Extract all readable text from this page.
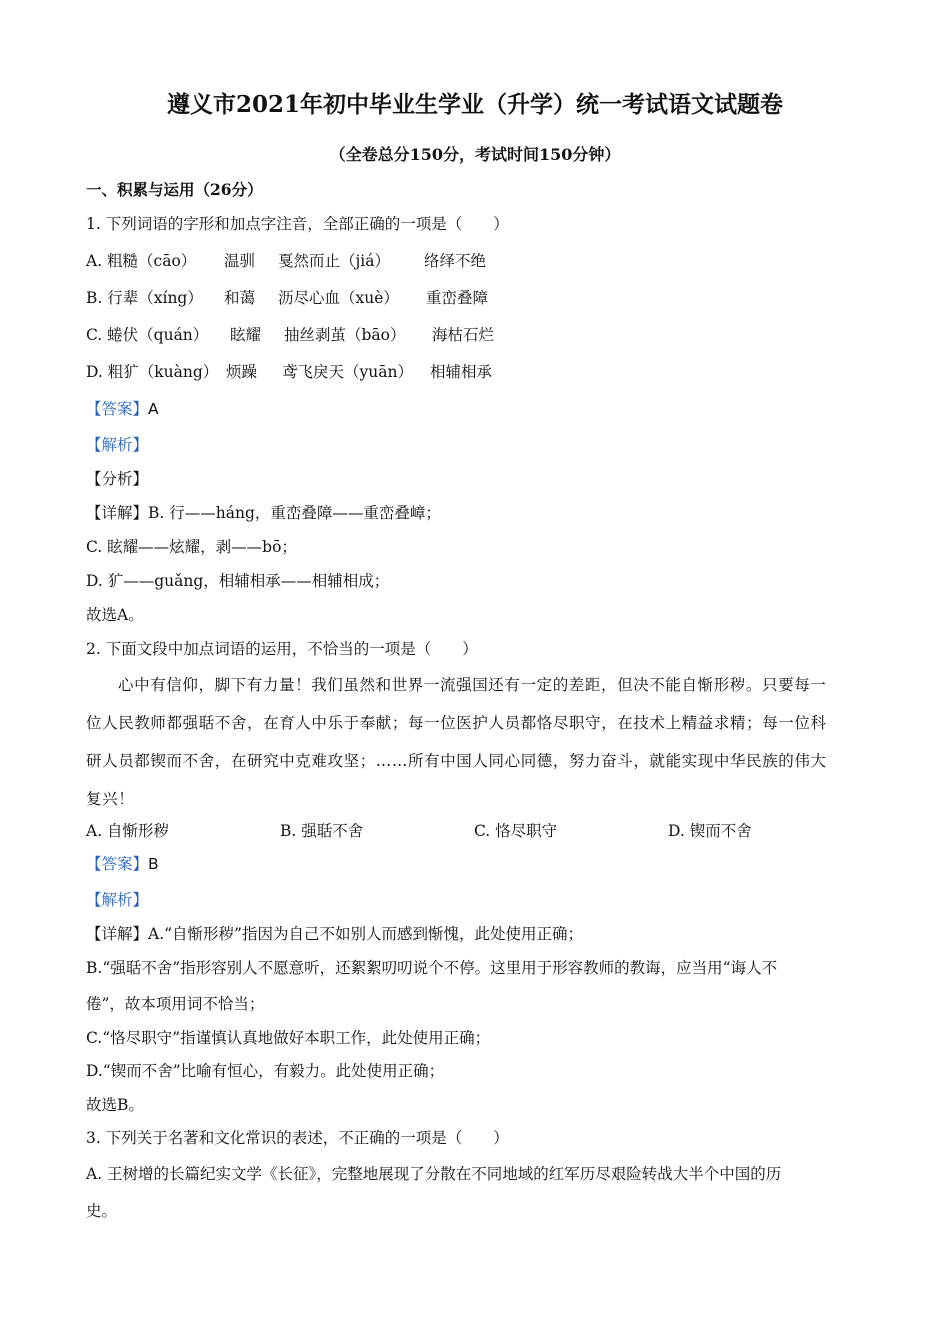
遵义市2021年初中毕业生学业（升学）统一考试语文试题卷
（全卷总分150分，考试时间150分钟）
一、积累与运用（26分）
1. 下列词语的字形和加点字注音，全部正确的一项是（　　）
A. 粗糙（cāo） 温驯 戛然而止（jiá） 络绎不绝
B. 行辈（xíng） 和蔼 沥尽心血（xuè） 重峦叠障
C. 蜷伏（quán） 眩耀 抽丝剥茧（bāo） 海枯石烂
D. 粗犷（kuàng） 烦躁 鸢飞戾天（yuān） 相辅相承
【答案】A
【解析】
【分析】
【详解】B. 行——háng，重峦叠障——重峦叠嶂；
C. 眩耀——炫耀，剥——bō；
D. 犷——guǎng，相辅相承——相辅相成；
故选A。
2. 下面文段中加点词语的运用，不恰当的一项是（　　）
心中有信仰，脚下有力量！我们虽然和世界一流强国还有一定的差距，但决不能自惭形秽。只要每一
位人民教师都强聒不舍，在育人中乐于奉献；每一位医护人员都恪尽职守，在技术上精益求精；每一位科
研人员都锲而不舍，在研究中克难攻坚；……所有中国人同心同德，努力奋斗，就能实现中华民族的伟大
复兴！
A. 自惭形秽	B. 强聒不舍	C. 恪尽职守	D. 锲而不舍
【答案】B
【解析】
【详解】A.“自惭形秽”指因为自己不如别人而感到惭愧，此处使用正确；
B.“强聒不舍”指形容别人不愿意听，还絮絮叨叨说个不停。这里用于形容教师的教诲，应当用“诲人不
倦”，故本项用词不恰当；
C.“恪尽职守”指谨慎认真地做好本职工作，此处使用正确；
D.“锲而不舍”比喻有恒心，有毅力。此处使用正确；
故选B。
3. 下列关于名著和文化常识的表述，不正确的一项是（　　）
A. 王树增的长篇纪实文学《长征》，完整地展现了分散在不同地域的红军历尽艰险转战大半个中国的历
史。
